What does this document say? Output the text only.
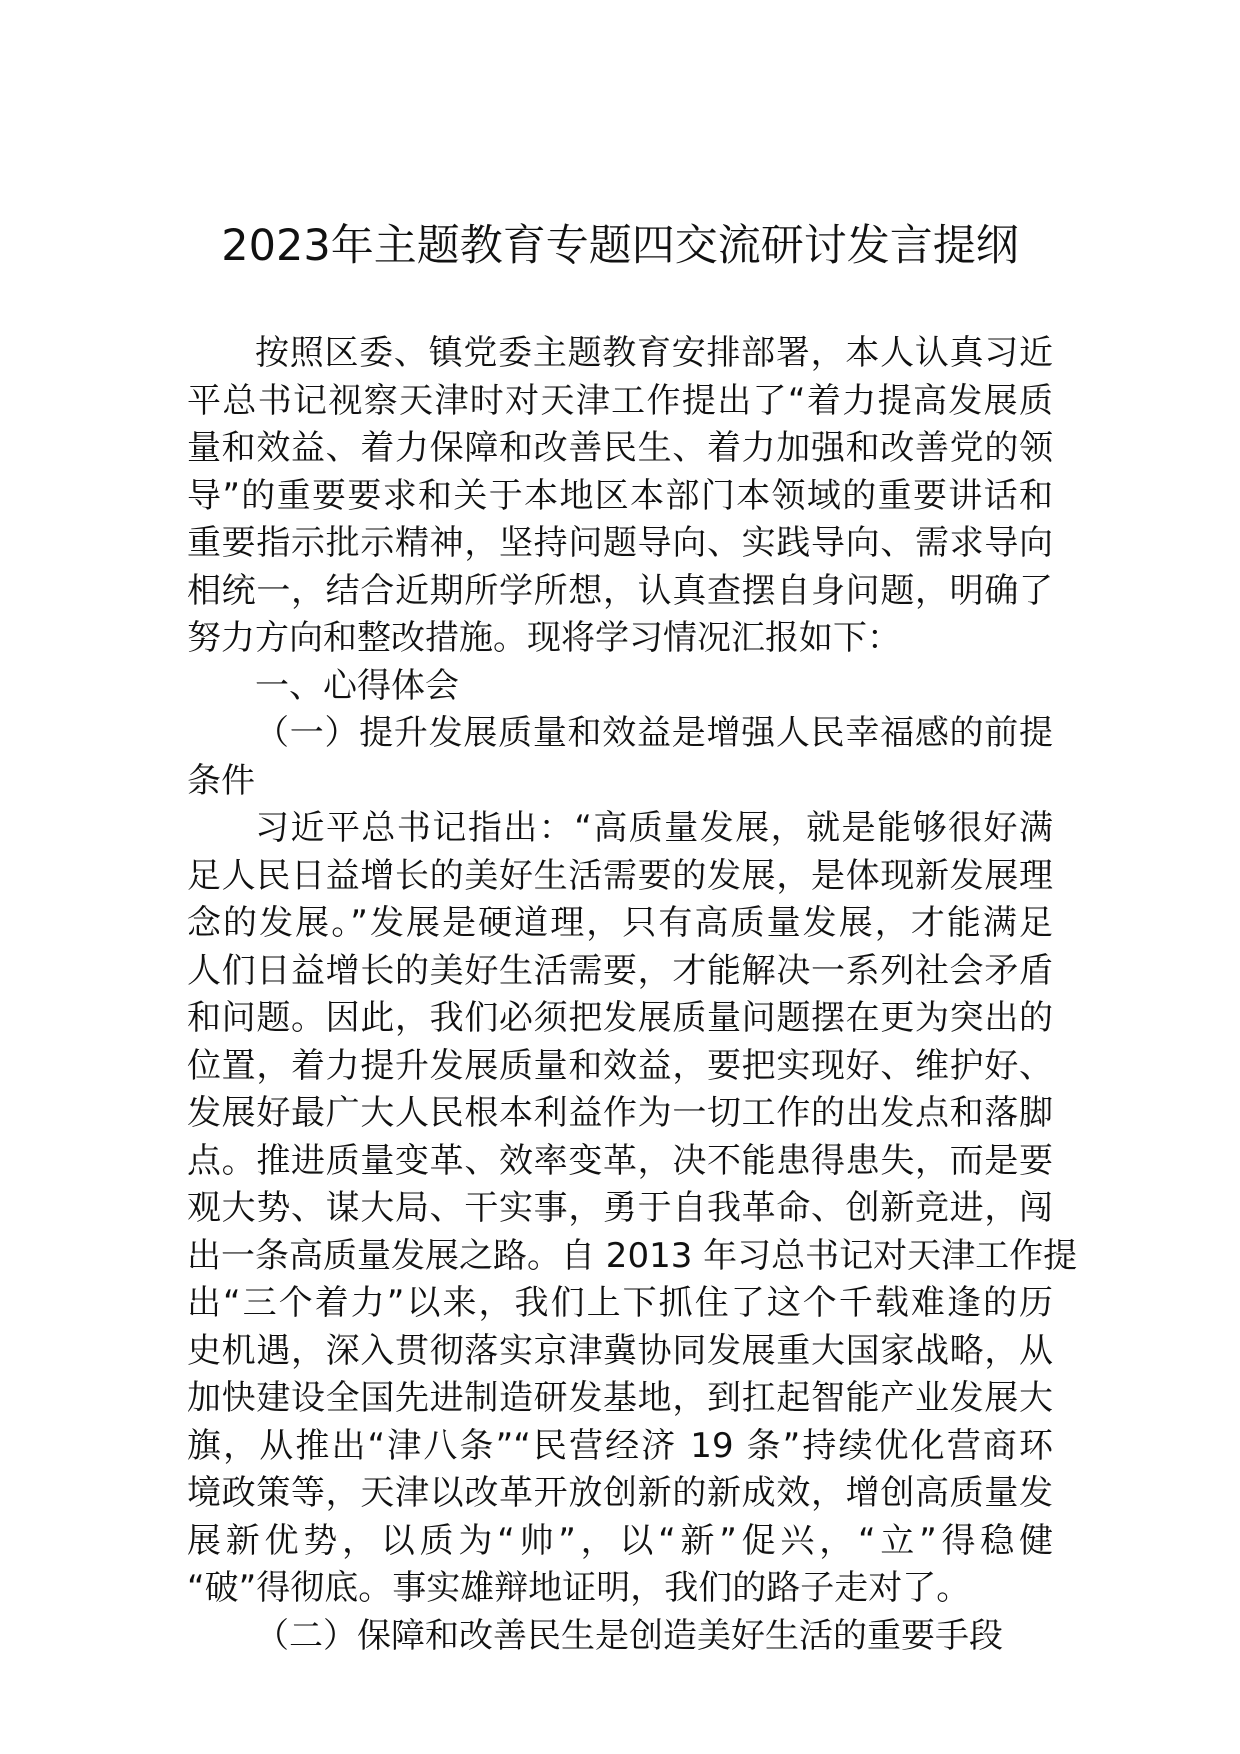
2023年主题教育专题四交流研讨发言提纲

按照区委、镇党委主题教育安排部署，本人认真习近

平总书记视察天津时对天津工作提出了“着力提高发展质

量和效益、着力保障和改善民生、着力加强和改善党的领

导”的重要要求和关于本地区本部门本领域的重要讲话和

重要指示批示精神，坚持问题导向、实践导向、需求导向

相统一，结合近期所学所想，认真查摆自身问题，明确了

努力方向和整改措施。现将学习情况汇报如下：

一、心得体会

（一）提升发展质量和效益是增强人民幸福感的前提

条件

习近平总书记指出：“高质量发展，就是能够很好满

足人民日益增长的美好生活需要的发展，是体现新发展理

念的发展。”发展是硬道理，只有高质量发展，才能满足

人们日益增长的美好生活需要，才能解决一系列社会矛盾

和问题。因此，我们必须把发展质量问题摆在更为突出的

位置，着力提升发展质量和效益，要把实现好、维护好、

发展好最广大人民根本利益作为一切工作的出发点和落脚

点。推进质量变革、效率变革，决不能患得患失，而是要

观大势、谋大局、干实事，勇于自我革命、创新竞进，闯

出一条高质量发展之路。自 2013 年习总书记对天津工作提

出“三个着力”以来，我们上下抓住了这个千载难逢的历

史机遇，深入贯彻落实京津冀协同发展重大国家战略，从

加快建设全国先进制造研发基地，到扛起智能产业发展大

旗，从推出“津八条”“民营经济 19 条”持续优化营商环

境政策等，天津以改革开放创新的新成效，增创高质量发

展新优势，以质为“帅”，以“新”促兴，“立”得稳健

“破”得彻底。事实雄辩地证明，我们的路子走对了。

（二）保障和改善民生是创造美好生活的重要手段
